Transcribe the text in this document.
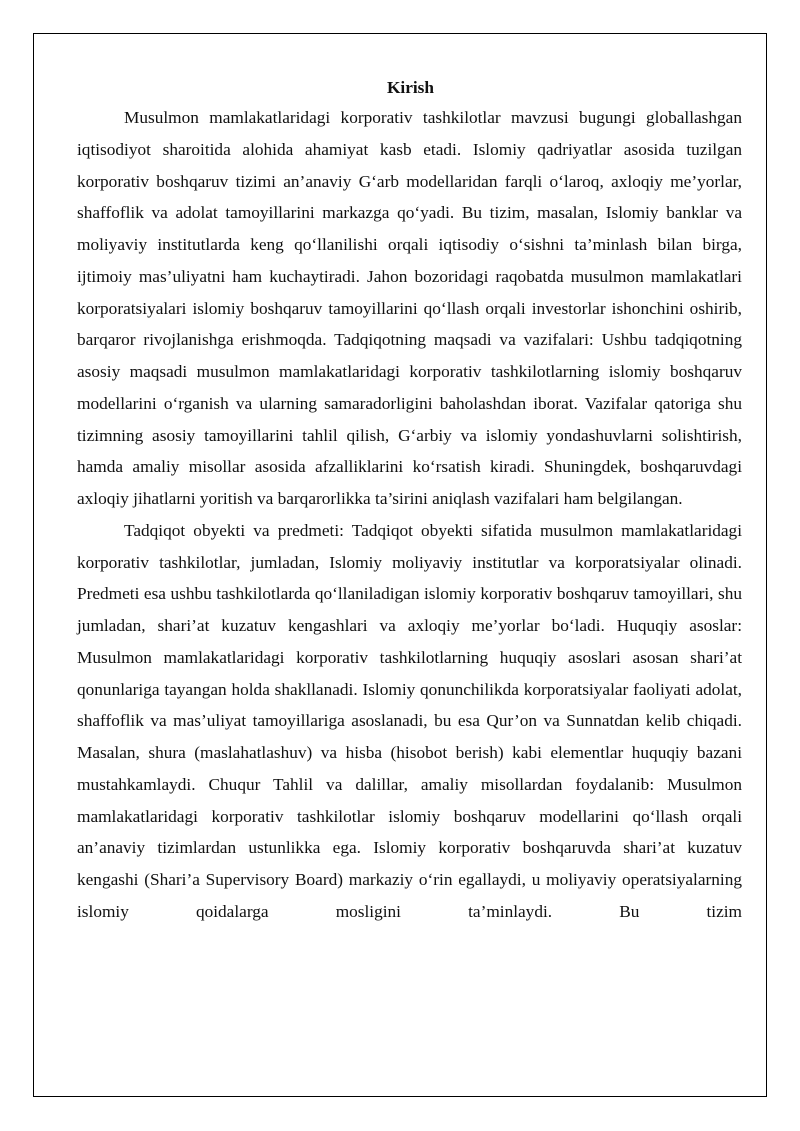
Kirish

Musulmon mamlakatlaridagi korporativ tashkilotlar mavzusi bugungi globallashgan iqtisodiyot sharoitida alohida ahamiyat kasb etadi. Islomiy qadriyatlar asosida tuzilgan korporativ boshqaruv tizimi an’anaviy G‘arb modellaridan farqli o‘laroq, axloqiy me’yorlar, shaffoflik va adolat tamoyillarini markazga qo‘yadi. Bu tizim, masalan, Islomiy banklar va moliyaviy institutlarda keng qo‘llanilishi orqali iqtisodiy o‘sishni ta’minlash bilan birga, ijtimoiy mas’uliyatni ham kuchaytiradi. Jahon bozoridagi raqobatda musulmon mamlakatlari korporatsiyalari islomiy boshqaruv tamoyillarini qo‘llash orqali investorlar ishonchini oshirib, barqaror rivojlanishga erishmoqda. Tadqiqotning maqsadi va vazifalari: Ushbu tadqiqotning asosiy maqsadi musulmon mamlakatlaridagi korporativ tashkilotlarning islomiy boshqaruv modellarini o‘rganish va ularning samaradorligini baholashdan iborat. Vazifalar qatoriga shu tizimning asosiy tamoyillarini tahlil qilish, G‘arbiy va islomiy yondashuvlarni solishtirish, hamda amaliy misollar asosida afzalliklarini ko‘rsatish kiradi. Shuningdek, boshqaruvdagi axloqiy jihatlarni yoritish va barqarorlikka ta’sirini aniqlash vazifalari ham belgilangan.

Tadqiqot obyekti va predmeti: Tadqiqot obyekti sifatida musulmon mamlakatlaridagi korporativ tashkilotlar, jumladan, Islomiy moliyaviy institutlar va korporatsiyalar olinadi. Predmeti esa ushbu tashkilotlarda qo‘llaniladigan islomiy korporativ boshqaruv tamoyillari, shu jumladan, shari’at kuzatuv kengashlari va axloqiy me’yorlar bo‘ladi. Huquqiy asoslar: Musulmon mamlakatlaridagi korporativ tashkilotlarning huquqiy asoslari asosan shari’at qonunlariga tayangan holda shakllanadi. Islomiy qonunchilikda korporatsiyalar faoliyati adolat, shaffoflik va mas’uliyat tamoyillariga asoslanadi, bu esa Qur’on va Sunnatdan kelib chiqadi. Masalan, shura (maslahatlashuv) va hisba (hisobot berish) kabi elementlar huquqiy bazani mustahkamlaydi. Chuqur Tahlil va dalillar, amaliy misollardan foydalanib: Musulmon mamlakatlaridagi korporativ tashkilotlar islomiy boshqaruv modellarini qo‘llash orqali an’anaviy tizimlardan ustunlikka ega. Islomiy korporativ boshqaruvda shari’at kuzatuv kengashi (Shari’a Supervisory Board) markaziy o‘rin egallaydi, u moliyaviy operatsiyalarning islomiy qoidalarga mosligini ta’minlaydi. Bu tizim
